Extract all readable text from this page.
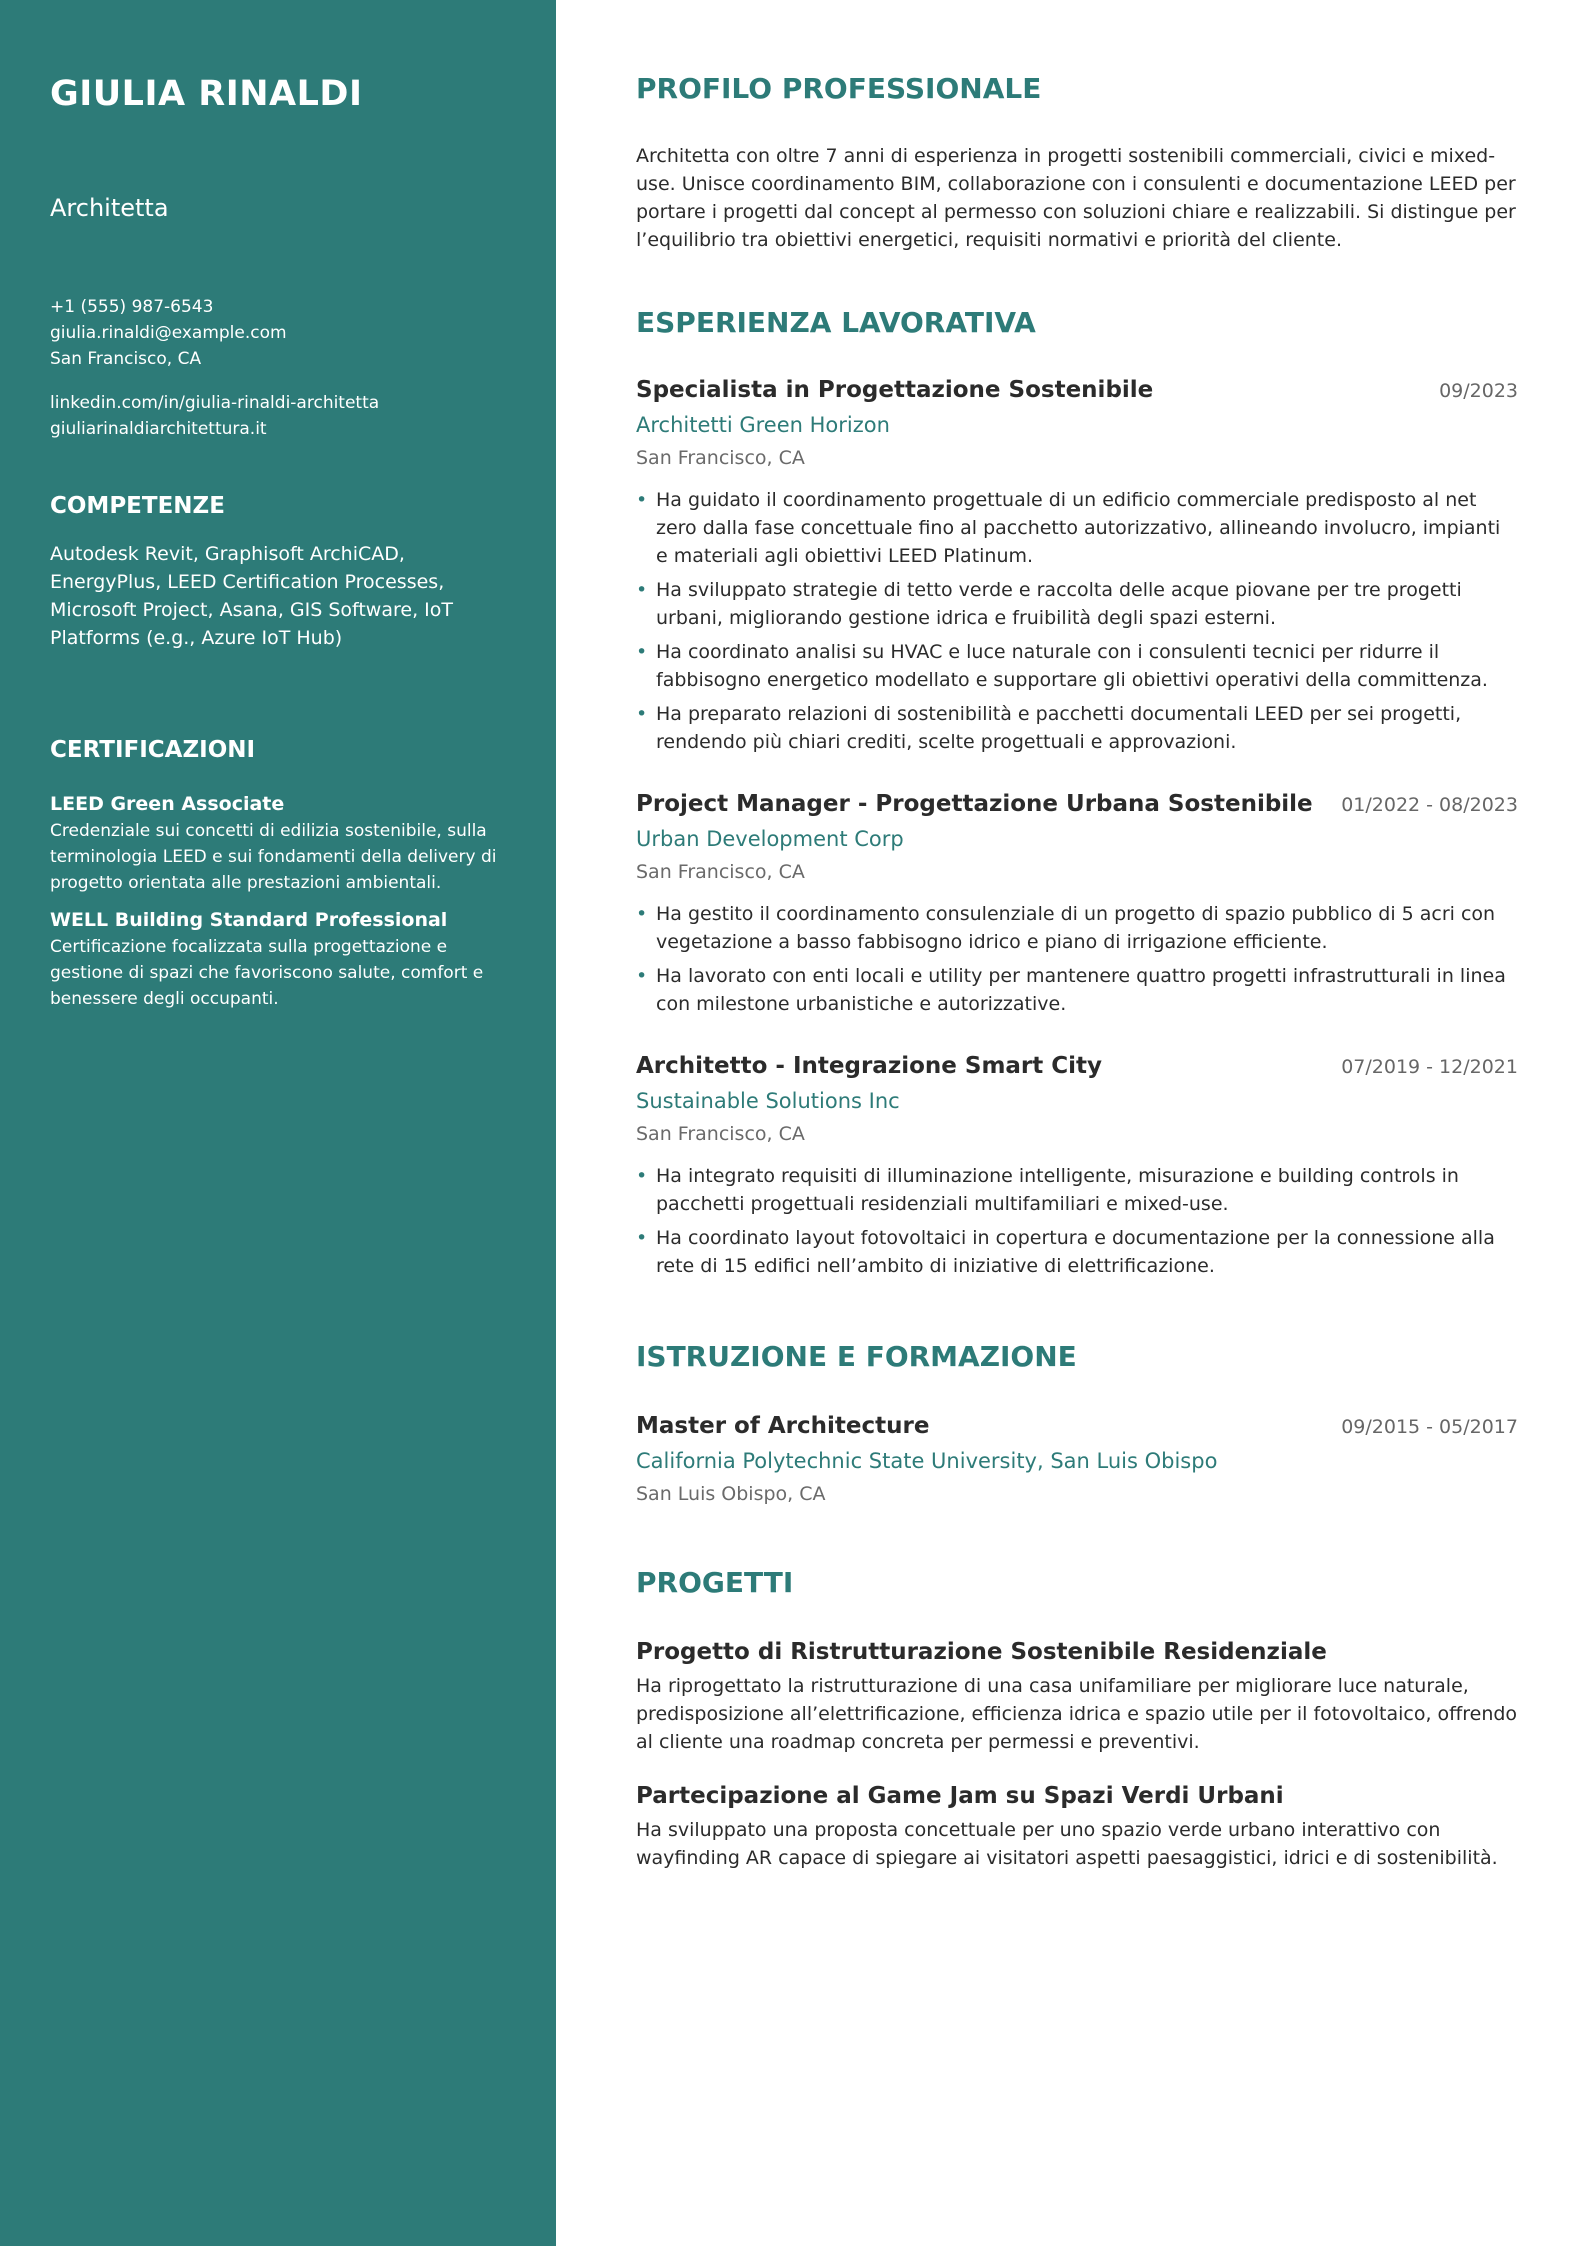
GIULIA RINALDI
Architetta
+1 (555) 987-6543
giulia.rinaldi@example.com
San Francisco, CA
linkedin.com/in/giulia-rinaldi-architetta
giuliarinaldiarchitettura.it
COMPETENZE
Autodesk Revit, Graphisoft ArchiCAD, EnergyPlus, LEED Certification Processes, Microsoft Project, Asana, GIS Software, IoT Platforms (e.g., Azure IoT Hub)
CERTIFICAZIONI
LEED Green Associate
Credenziale sui concetti di edilizia sostenibile, sulla terminologia LEED e sui fondamenti della delivery di progetto orientata alle prestazioni ambientali.
WELL Building Standard Professional
Certificazione focalizzata sulla progettazione e gestione di spazi che favoriscono salute, comfort e benessere degli occupanti.
PROFILO PROFESSIONALE

Architetta con oltre 7 anni di esperienza in progetti sostenibili commerciali, civici e mixed-use. Unisce coordinamento BIM, collaborazione con i consulenti e documentazione LEED per portare i progetti dal concept al permesso con soluzioni chiare e realizzabili. Si distingue per l’equilibrio tra obiettivi energetici, requisiti normativi e priorità del cliente.

ESPERIENZA LAVORATIVA
Specialista in Progettazione Sostenibile	09/2023
Architetti Green Horizon
San Francisco, CA
• Ha guidato il coordinamento progettuale di un edificio commerciale predisposto al net zero dalla fase concettuale fino al pacchetto autorizzativo, allineando involucro, impianti e materiali agli obiettivi LEED Platinum.
• Ha sviluppato strategie di tetto verde e raccolta delle acque piovane per tre progetti urbani, migliorando gestione idrica e fruibilità degli spazi esterni.
• Ha coordinato analisi su HVAC e luce naturale con i consulenti tecnici per ridurre il fabbisogno energetico modellato e supportare gli obiettivi operativi della committenza.
• Ha preparato relazioni di sostenibilità e pacchetti documentali LEED per sei progetti, rendendo più chiari crediti, scelte progettuali e approvazioni.
Project Manager - Progettazione Urbana Sostenibile 01/2022 - 08/2023
Urban Development Corp
San Francisco, CA
• Ha gestito il coordinamento consulenziale di un progetto di spazio pubblico di 5 acri con vegetazione a basso fabbisogno idrico e piano di irrigazione efficiente.
• Ha lavorato con enti locali e utility per mantenere quattro progetti infrastrutturali in linea con milestone urbanistiche e autorizzative.
Architetto - Integrazione Smart City	07/2019 - 12/2021
Sustainable Solutions Inc
San Francisco, CA
• Ha integrato requisiti di illuminazione intelligente, misurazione e building controls in pacchetti progettuali residenziali multifamiliari e mixed-use.
• Ha coordinato layout fotovoltaici in copertura e documentazione per la connessione alla rete di 15 edifici nell’ambito di iniziative di elettrificazione.
ISTRUZIONE E FORMAZIONE
Master of Architecture	09/2015 - 05/2017
California Polytechnic State University, San Luis Obispo
San Luis Obispo, CA
PROGETTI
Progetto di Ristrutturazione Sostenibile Residenziale
Ha riprogettato la ristrutturazione di una casa unifamiliare per migliorare luce naturale, predisposizione all’elettrificazione, efficienza idrica e spazio utile per il fotovoltaico, offrendo al cliente una roadmap concreta per permessi e preventivi.
Partecipazione al Game Jam su Spazi Verdi Urbani
Ha sviluppato una proposta concettuale per uno spazio verde urbano interattivo con wayfinding AR capace di spiegare ai visitatori aspetti paesaggistici, idrici e di sostenibilità.
